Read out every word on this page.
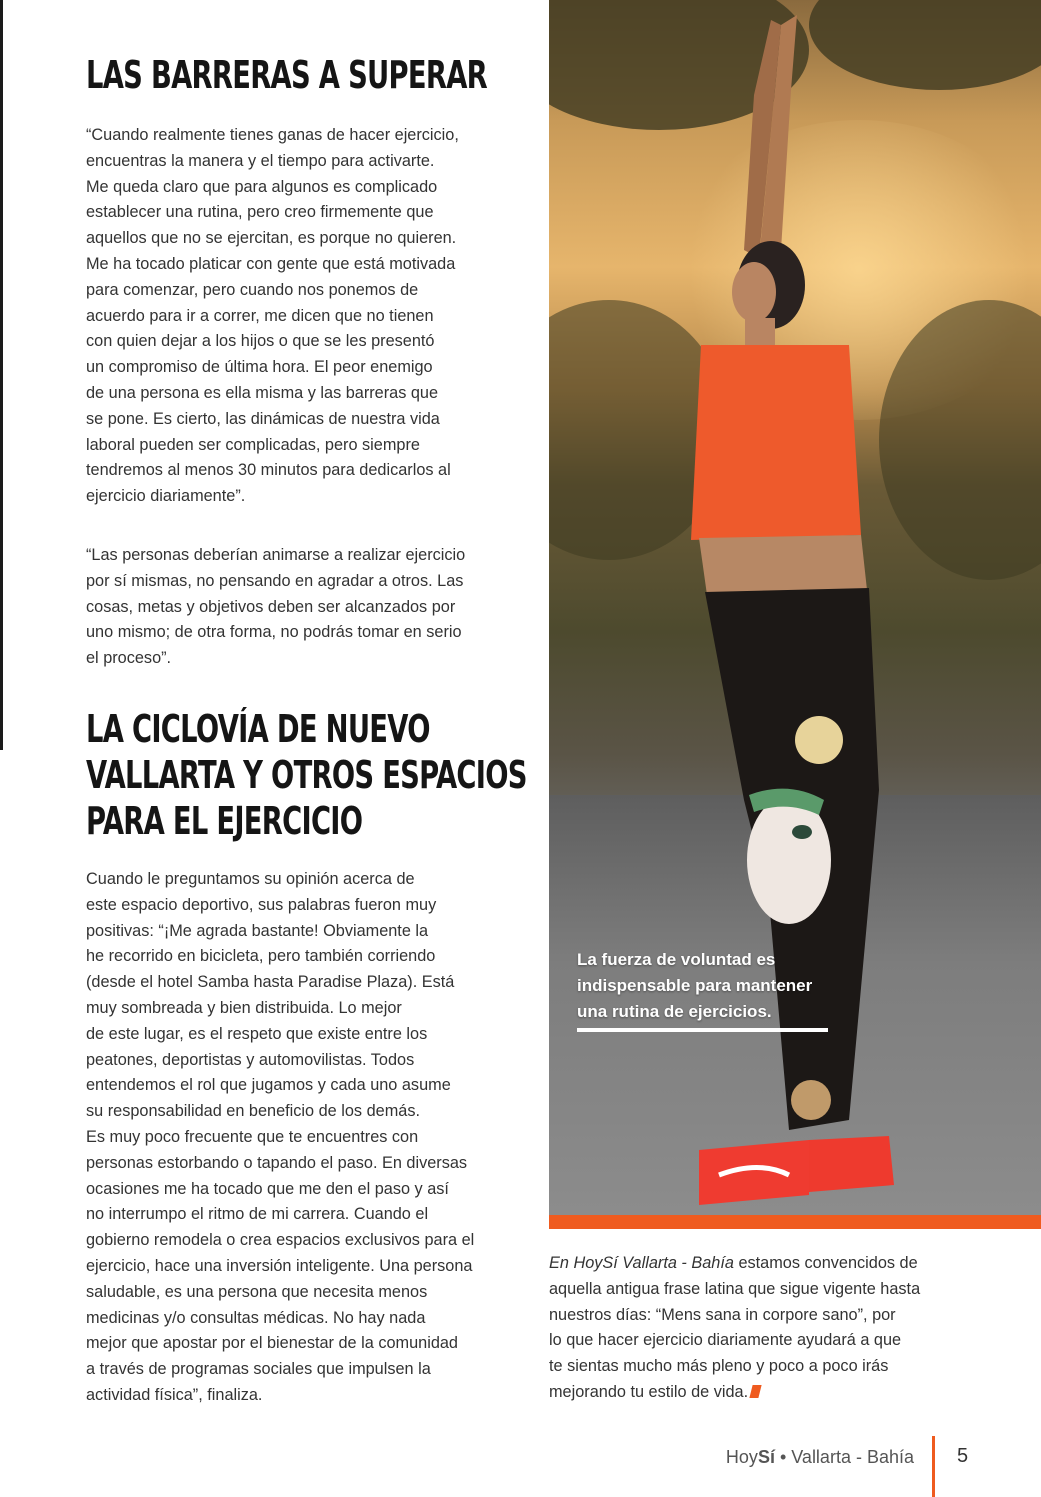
LAS BARRERAS A SUPERAR

“Cuando realmente tienes ganas de hacer ejercicio,
encuentras la manera y el tiempo para activarte.
Me queda claro que para algunos es complicado
establecer una rutina, pero creo firmemente que
aquellos que no se ejercitan, es porque no quieren.
Me ha tocado platicar con gente que está motivada
para comenzar, pero cuando nos ponemos de
acuerdo para ir a correr, me dicen que no tienen
con quien dejar a los hijos o que se les presentó
un compromiso de última hora. El peor enemigo
de una persona es ella misma y las barreras que
se pone. Es cierto, las dinámicas de nuestra vida
laboral pueden ser complicadas, pero siempre
tendremos al menos 30 minutos para dedicarlos al
ejercicio diariamente”.

“Las personas deberían animarse a realizar ejercicio
por sí mismas, no pensando en agradar a otros. Las
cosas, metas y objetivos deben ser alcanzados por
uno mismo; de otra forma, no podrás tomar en serio
el proceso”.

LA CICLOVÍA DE NUEVO
VALLARTA Y OTROS ESPACIOS
PARA EL EJERCICIO

Cuando le preguntamos su opinión acerca de
este espacio deportivo, sus palabras fueron muy
positivas: “¡Me agrada bastante! Obviamente la
he recorrido en bicicleta, pero también corriendo
(desde el hotel Samba hasta Paradise Plaza). Está
muy sombreada y bien distribuida. Lo mejor
de este lugar, es el respeto que existe entre los
peatones, deportistas y automovilistas. Todos
entendemos el rol que jugamos y cada uno asume
su responsabilidad en beneficio de los demás.
Es muy poco frecuente que te encuentres con
personas estorbando o tapando el paso. En diversas
ocasiones me ha tocado que me den el paso y así
no interrumpo el ritmo de mi carrera. Cuando el
gobierno remodela o crea espacios exclusivos para el
ejercicio, hace una inversión inteligente. Una persona
saludable, es una persona que necesita menos
medicinas y/o consultas médicas. No hay nada
mejor que apostar por el bienestar de la comunidad
a través de programas sociales que impulsen la
actividad física”, finaliza.

La fuerza de voluntad es
indispensable para mantener
una rutina de ejercicios.

En HoySí Vallarta - Bahía estamos convencidos de
aquella antigua frase latina que sigue vigente hasta
nuestros días: “Mens sana in corpore sano”, por
lo que hacer ejercicio diariamente ayudará a que
te sientas mucho más pleno y poco a poco irás
mejorando tu estilo de vida.

HoySí • Vallarta - Bahía 5
